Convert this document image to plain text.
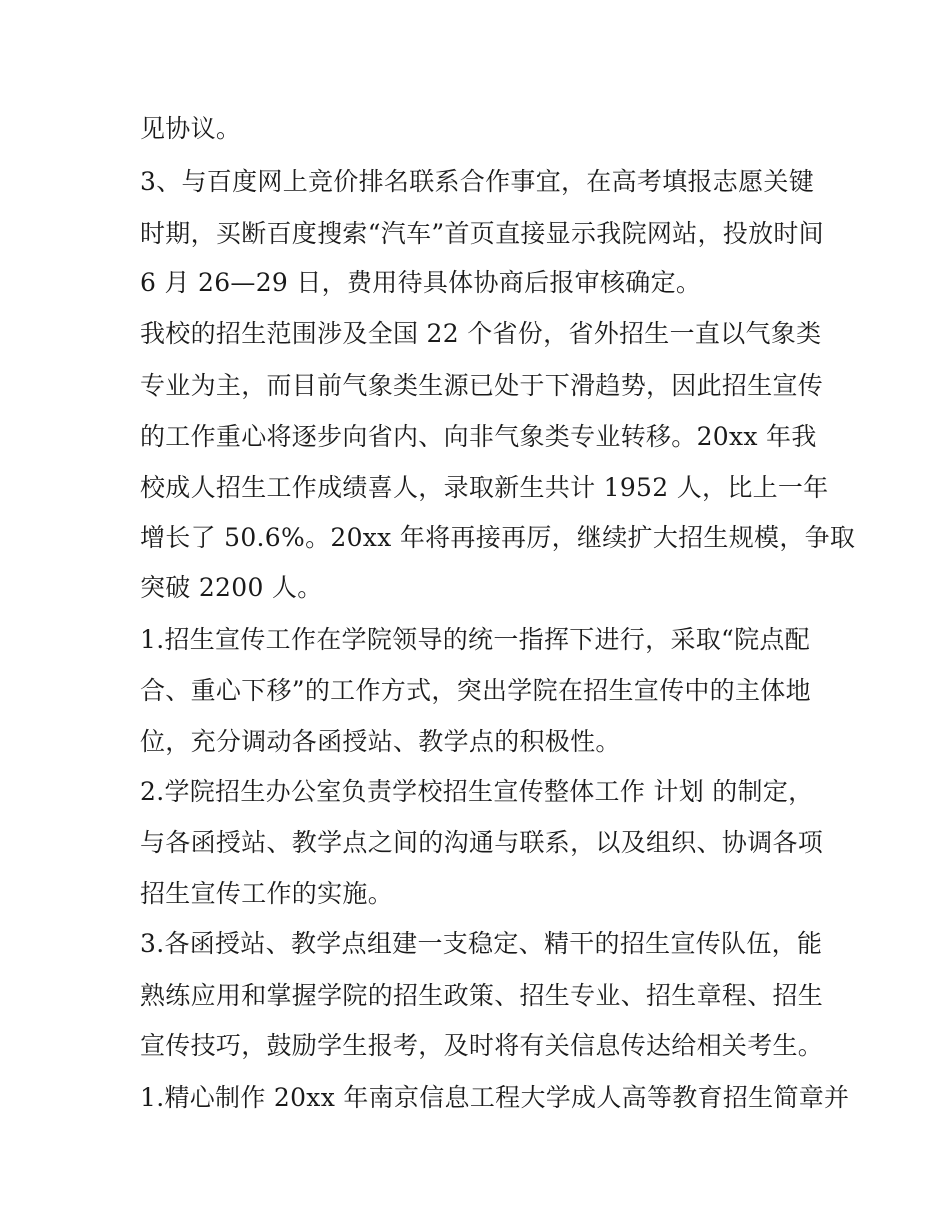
见协议。
3、与百度网上竞价排名联系合作事宜，在高考填报志愿关键
时期，买断百度搜索“汽车”首页直接显示我院网站，投放时间
6 月 26—29 日，费用待具体协商后报审核确定。
我校的招生范围涉及全国 22 个省份，省外招生一直以气象类
专业为主，而目前气象类生源已处于下滑趋势，因此招生宣传
的工作重心将逐步向省内、向非气象类专业转移。20xx 年我
校成人招生工作成绩喜人，录取新生共计 1952 人，比上一年
增长了 50.6%。20xx 年将再接再厉，继续扩大招生规模，争取
突破 2200 人。
1.招生宣传工作在学院领导的统一指挥下进行，采取“院点配
合、重心下移”的工作方式，突出学院在招生宣传中的主体地
位，充分调动各函授站、教学点的积极性。
2.学院招生办公室负责学校招生宣传整体工作 计划 的制定，
与各函授站、教学点之间的沟通与联系，以及组织、协调各项
招生宣传工作的实施。
3.各函授站、教学点组建一支稳定、精干的招生宣传队伍，能
熟练应用和掌握学院的招生政策、招生专业、招生章程、招生
宣传技巧，鼓励学生报考，及时将有关信息传达给相关考生。
1.精心制作 20xx 年南京信息工程大学成人高等教育招生简章并
